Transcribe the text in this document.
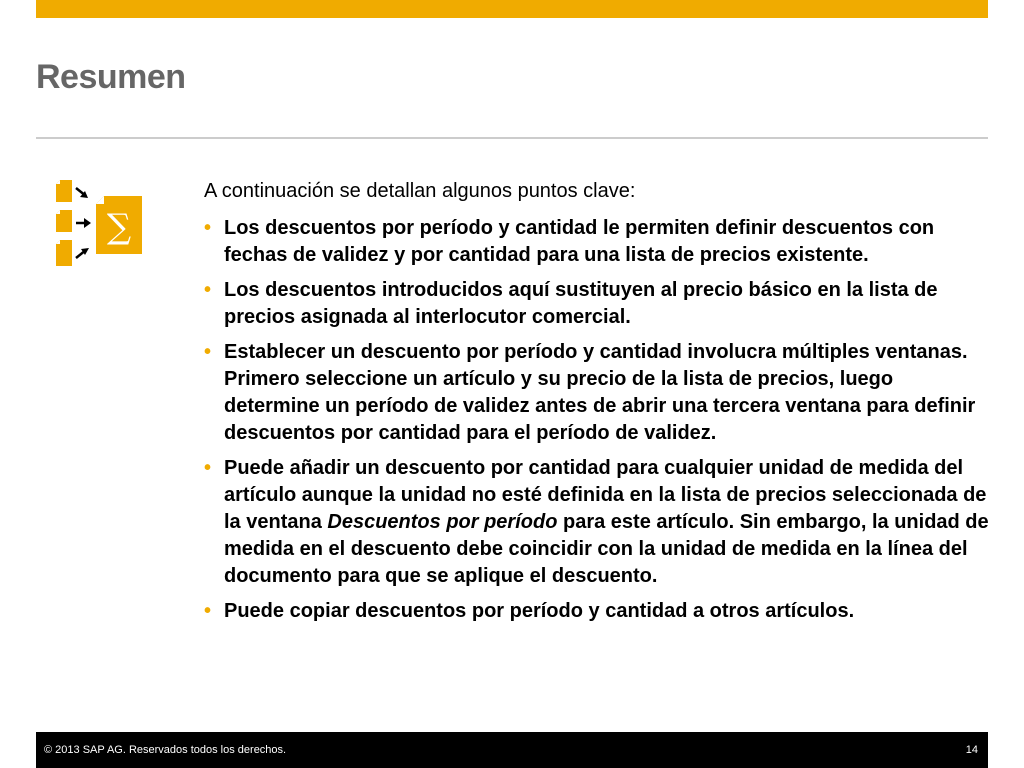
Resumen
∑

A continuación se detallan algunos puntos clave:

• Los descuentos por período y cantidad le permiten definir descuentos con fechas de validez y por cantidad para una lista de precios existente.
• Los descuentos introducidos aquí sustituyen al precio básico en la lista de precios asignada al interlocutor comercial.
• Establecer un descuento por período y cantidad involucra múltiples ventanas. Primero seleccione un artículo y su precio de la lista de precios, luego determine un período de validez antes de abrir una tercera ventana para definir descuentos por cantidad para el período de validez.
• Puede añadir un descuento por cantidad para cualquier unidad de medida del artículo aunque la unidad no esté definida en la lista de precios seleccionada de la ventana Descuentos por período para este artículo. Sin embargo, la unidad de medida en el descuento debe coincidir con la unidad de medida en la línea del documento para que se aplique el descuento.
• Puede copiar descuentos por período y cantidad a otros artículos.
© 2013 SAP AG. Reservados todos los derechos.	14
